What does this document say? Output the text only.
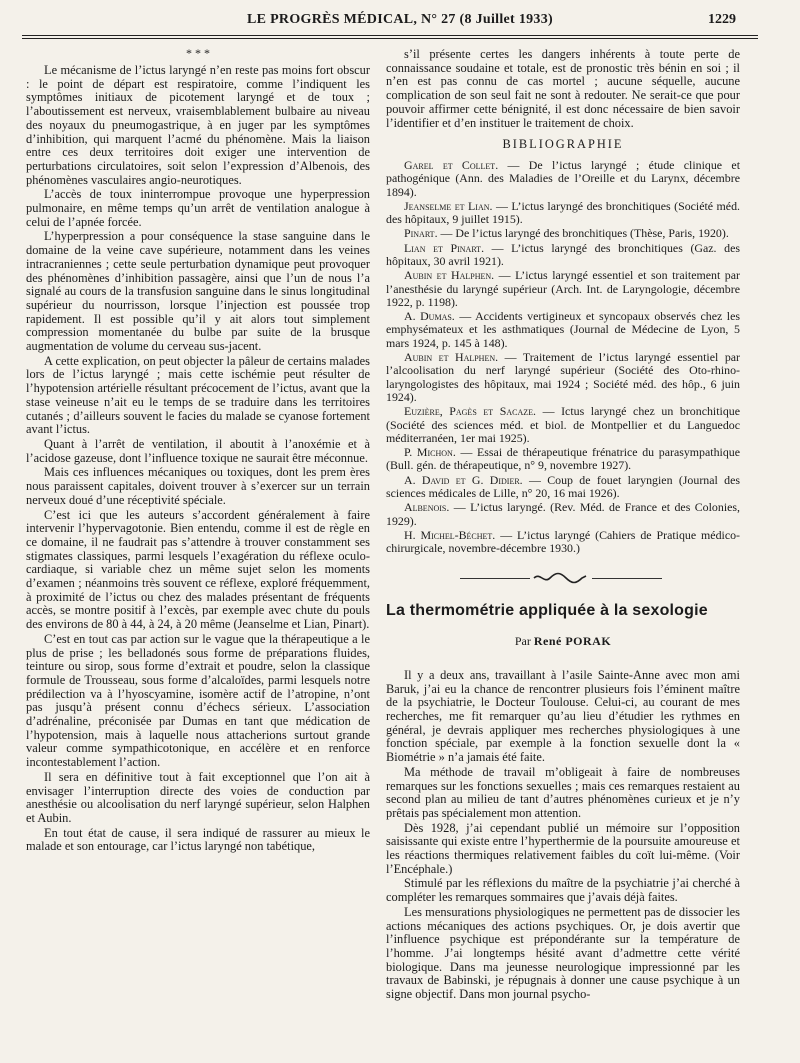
LE PROGRÈS MÉDICAL, N° 27 (8 Juillet 1933)	1229
* * *

Le mécanisme de l’ictus laryngé n’en reste pas moins fort obscur : le point de départ est respiratoire, comme l’indiquent les symptômes initiaux de picotement laryngé et de toux ; l’aboutissement est nerveux, vraisemblablement bulbaire au niveau des noyaux du pneumogastrique, à en juger par les symptômes d’inhibition, qui marquent l’acmé du phénomène. Mais la liaison entre ces deux territoires doit exiger une intervention de perturbations circulatoires, soit selon l’expression d’Albenois, des phénomènes vasculaires angio-neurotiques.

L’accès de toux ininterrompue provoque une hyperpression pulmonaire, en même temps qu’un arrêt de ventilation analogue à celui de l’apnée forcée.

L’hyperpression a pour conséquence la stase sanguine dans le domaine de la veine cave supérieure, notamment dans les veines intracraniennes ; cette seule perturbation dynamique peut provoquer des phénomènes d’inhibition passagère, ainsi que l’un de nous l’a signalé au cours de la transfusion sanguine dans le sinus longitudinal supérieur du nourrisson, lorsque l’injection est poussée trop rapidement. Il est possible qu’il y ait alors tout simplement compression momentanée du bulbe par suite de la brusque augmentation de volume du cerveau sus-jacent.

A cette explication, on peut objecter la pâleur de certains malades lors de l’ictus laryngé ; mais cette ischémie peut résulter de l’hypotension artérielle résultant précocement de l’ictus, avant que la stase veineuse n’ait eu le temps de se traduire dans les territoires cutanés ; d’ailleurs souvent le facies du malade se cyanose fortement avant l’ictus.

Quant à l’arrêt de ventilation, il aboutit à l’anoxémie et à l’acidose gazeuse, dont l’influence toxique ne saurait être méconnue.

Mais ces influences mécaniques ou toxiques, dont les prem ères nous paraissent capitales, doivent trouver à s’exercer sur un terrain nerveux doué d’une réceptivité spéciale.

C’est ici que les auteurs s’accordent généralement à faire intervenir l’hypervagotonie. Bien entendu, comme il est de règle en ce domaine, il ne faudrait pas s’attendre à trouver constamment ses stigmates classiques, parmi lesquels l’exagération du réflexe oculo-cardiaque, si variable chez un même sujet selon les moments d’examen ; néanmoins très souvent ce réflexe, exploré fréquemment, à proximité de l’ictus ou chez des malades présentant de fréquents accès, se montre positif à l’excès, par exemple avec chute du pouls des environs de 80 à 44, à 24, à 20 même (Jeanselme et Lian, Pinart).

C’est en tout cas par action sur le vague que la thérapeutique a le plus de prise ; les belladonés sous forme de préparations fluides, teinture ou sirop, sous forme d’extrait et poudre, selon la classique formule de Trousseau, sous forme d’alcaloïdes, parmi lesquels notre prédilection va à l’hyoscyamine, isomère actif de l’atropine, n’ont pas jusqu’à présent connu d’échecs sérieux. L’association d’adrénaline, préconisée par Dumas en tant que médication de l’hypotension, mais à laquelle nous attacherions surtout grande valeur comme sympathicotonique, en accélère et en renforce incontestablement l’action.

Il sera en définitive tout à fait exceptionnel que l’on ait à envisager l’interruption directe des voies de conduction par anesthésie ou alcoolisation du nerf laryngé supérieur, selon Halphen et Aubin.

En tout état de cause, il sera indiqué de rassurer au mieux le malade et son entourage, car l’ictus laryngé non tabétique,

s’il présente certes les dangers inhérents à toute perte de connaissance soudaine et totale, est de pronostic très bénin en soi ; il n’en est pas connu de cas mortel ; aucune séquelle, aucune complication de son seul fait ne sont à redouter. Ne serait-ce que pour pouvoir affirmer cette bénignité, il est donc nécessaire de bien savoir l’identifier et d’en instituer le traitement de choix.

BIBLIOGRAPHIE

Garel et Collet. — De l’ictus laryngé ; étude clinique et pathogénique (Ann. des Maladies de l’Oreille et du Larynx, décembre 1894).

Jeanselme et Lian. — L’ictus laryngé des bronchitiques (Société méd. des hôpitaux, 9 juillet 1915).

Pinart. — De l’ictus laryngé des bronchitiques (Thèse, Paris, 1920).

Lian et Pinart. — L’ictus laryngé des bronchitiques (Gaz. des hôpitaux, 30 avril 1921).

Aubin et Halphen. — L’ictus laryngé essentiel et son traitement par l’anesthésie du laryngé supérieur (Arch. Int. de Laryngologie, décembre 1922, p. 1198).

A. Dumas. — Accidents vertigineux et syncopaux observés chez les emphysémateux et les asthmatiques (Journal de Médecine de Lyon, 5 mars 1924, p. 145 à 148).

Aubin et Halphen. — Traitement de l’ictus laryngé essentiel par l’alcoolisation du nerf laryngé supérieur (Société des Oto-rhino-laryngologistes des hôpitaux, mai 1924 ; Société méd. des hôp., 6 juin 1924).

Euzière, Pagès et Sacaze. — Ictus laryngé chez un bronchitique (Société des sciences méd. et biol. de Montpellier et du Languedoc méditerranéen, 1er mai 1925).

P. Michon. — Essai de thérapeutique frénatrice du parasympathique (Bull. gén. de thérapeutique, n° 9, novembre 1927).

A. David et G. Didier. — Coup de fouet laryngien (Journal des sciences médicales de Lille, n° 20, 16 mai 1926).

Albenois. — L’ictus laryngé. (Rev. Méd. de France et des Colonies, 1929).

H. Michel-Béchet. — L’ictus laryngé (Cahiers de Pratique médico-chirurgicale, novembre-décembre 1930.)

La thermométrie appliquée à la sexologie
Par René PORAK

Il y a deux ans, travaillant à l’asile Sainte-Anne avec mon ami Baruk, j’ai eu la chance de rencontrer plusieurs fois l’éminent maître de la psychiatrie, le Docteur Toulouse. Celui-ci, au courant de mes recherches, me fit remarquer qu’au lieu d’étudier les rythmes en général, je devrais appliquer mes recherches physiologiques à une fonction spéciale, par exemple à la fonction sexuelle dont la « Biométrie » n’a jamais été faite.

Ma méthode de travail m’obligeait à faire de nombreuses remarques sur les fonctions sexuelles ; mais ces remarques restaient au second plan au milieu de tant d’autres phénomènes curieux et je n’y prêtais pas spécialement mon attention.

Dès 1928, j’ai cependant publié un mémoire sur l’opposition saisissante qui existe entre l’hyperthermie de la poursuite amoureuse et les réactions thermiques relativement faibles du coït lui-même. (Voir l’Encéphale.)

Stimulé par les réflexions du maître de la psychiatrie j’ai cherché à compléter les remarques sommaires que j’avais déjà faites.

Les mensurations physiologiques ne permettent pas de dissocier les actions mécaniques des actions psychiques. Or, je dois avertir que l’influence psychique est prépondérante sur la température de l’homme. J’ai longtemps hésité avant d’admettre cette vérité biologique. Dans ma jeunesse neurologique impressionné par les travaux de Babinski, je répugnais à donner une cause psychique à un signe objectif. Dans mon journal psycho-
